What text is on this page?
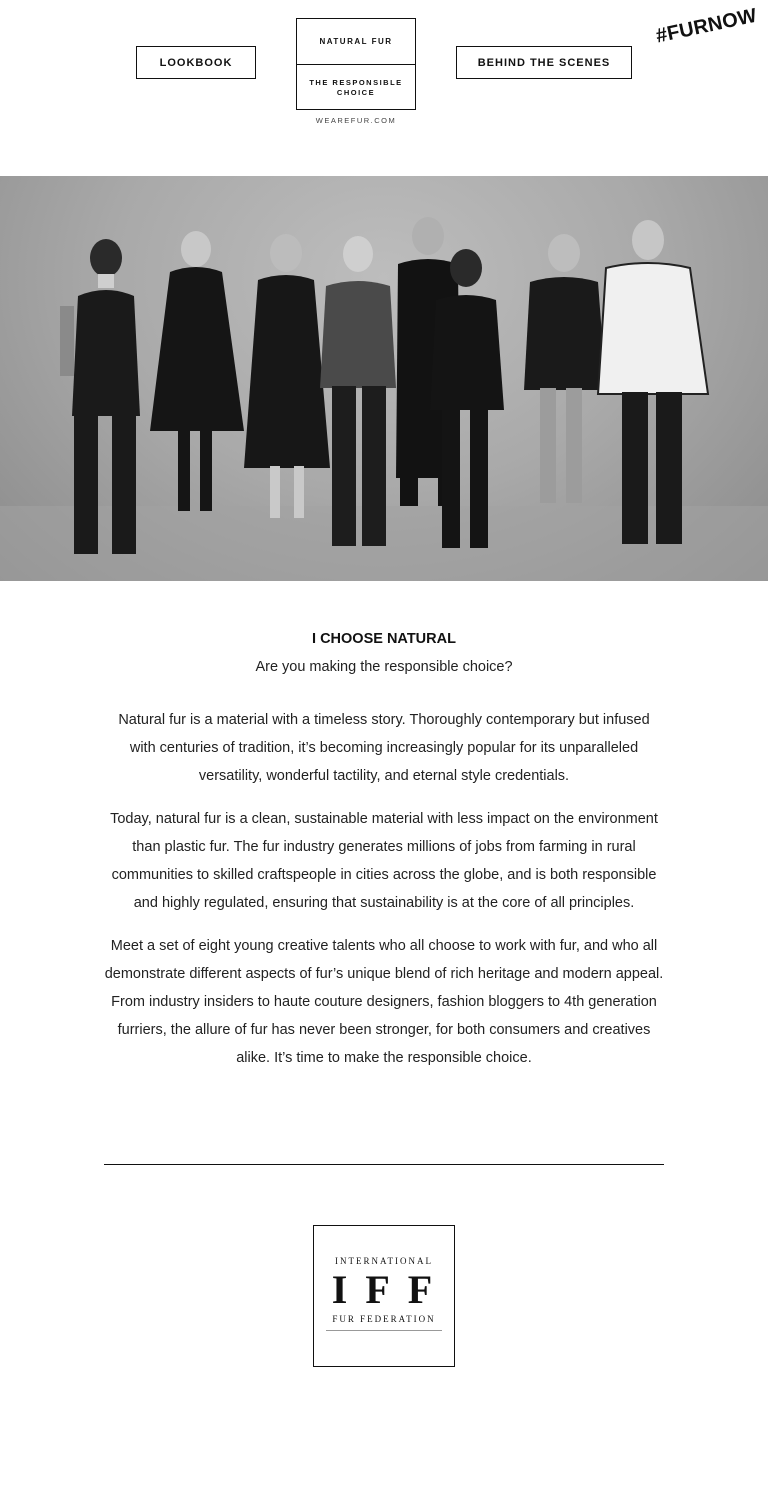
LOOKBOOK
NATURAL FUR
THE RESPONSIBLE CHOICE
WEAREFUR.COM
BEHIND THE SCENES
#FURNOW

I CHOOSE NATURAL

Are you making the responsible choice?

Natural fur is a material with a timeless story. Thoroughly contemporary but infused with centuries of tradition, it’s becoming increasingly popular for its unparalleled versatility, wonderful tactility, and eternal style credentials.

Today, natural fur is a clean, sustainable material with less impact on the environment than plastic fur. The fur industry generates millions of jobs from farming in rural communities to skilled craftspeople in cities across the globe, and is both responsible and highly regulated, ensuring that sustainability is at the core of all principles.

Meet a set of eight young creative talents who all choose to work with fur, and who all demonstrate different aspects of fur’s unique blend of rich heritage and modern appeal. From industry insiders to haute couture designers, fashion bloggers to 4th generation furriers, the allure of fur has never been stronger, for both consumers and creatives alike. It’s time to make the responsible choice.

INTERNATIONAL
IFF
FUR FEDERATION
